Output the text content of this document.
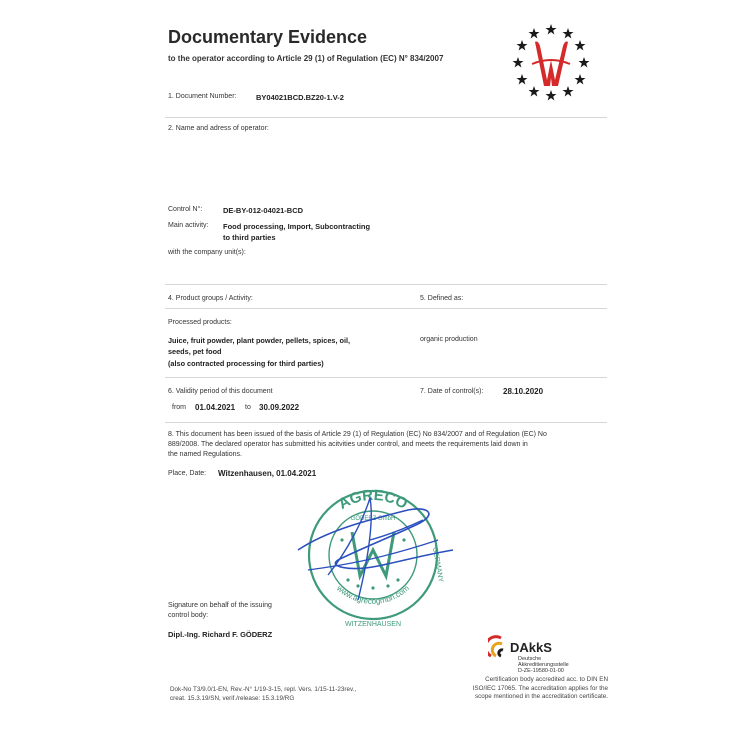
Documentary Evidence
to the operator according to Article 29 (1) of Regulation (EC) N° 834/2007
1. Document Number:	BY04021BCD.BZ20-1.V-2
2. Name and adress of operator:
Control N°:	DE-BY-012-04021-BCD
Main activity: Food processing, Import, Subcontracting
to third parties
with the company unit(s):
4. Product groups / Activity:	5. Defined as:
Processed products:
Juice, fruit powder, plant powder, pellets, spices, oil,
seeds, pet food
(also contracted processing for third parties)
organic production
6. Validity period of this document
from 01.04.2021 to 30.09.2022
7. Date of control(s): 28.10.2020
8. This document has been issued of the basis of Article 29 (1) of Regulation (EC) No 834/2007 and of Regulation (EC) No
889/2008. The declared operator has submitted his acitvities under control, and meets the requirements laid down in
the named Regulations.
Place, Date: Witzenhausen, 01.04.2021
AGRECO
www.agrecogmbh.com
WITZENHAUSEN
GERMANY
GÖDERZ GmbH
Signature on behalf of the issuing
control body:
Dipl.-Ing. Richard F. GÖDERZ
DAkkS
Deutsche
Akkreditierungsstelle
D-ZE-19580-01-00
Dok-No T3/9.0/1-EN, Rev.-N° 1/19-3-15, repl. Vers. 1/15-11-23rev.,
creat. 15.3.19/SN, verif./release: 15.3.19/RG
Certification body accredited acc. to DIN EN
ISO/IEC 17065. The accreditation applies for the
scope mentioned in the accreditation certificate.
